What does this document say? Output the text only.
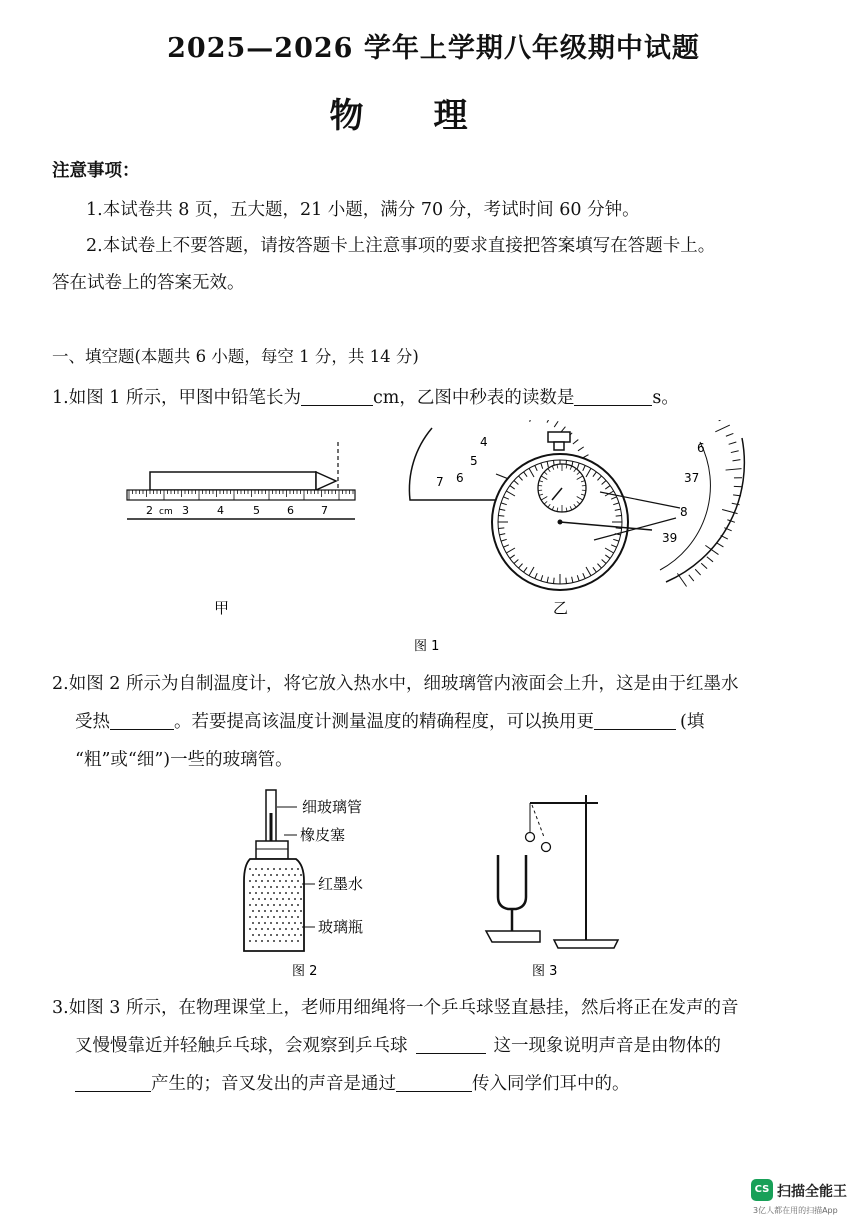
2025—2026 学年上学期八年级期中试题
物理
注意事项：
1.本试卷共 8 页，五大题，21 小题，满分 70 分，考试时间 60 分钟。
2.本试卷上不要答题，请按答题卡上注意事项的要求直接把答案填写在答题卡上。
答在试卷上的答案无效。
一、填空题(本题共 6 小题，每空 1 分，共 14 分)
1.如图 1 所示，甲图中铅笔长为	cm，乙图中秒表的读数是	s。
2 cm 3	4	5 6 7
4
5
6
7
6
37
8
39
甲	乙
图 1
2.如图 2 所示为自制温度计，将它放入热水中，细玻璃管内液面会上升，这是由于红墨水
受热	。若要提高该温度计测量温度的精确程度，可以换用更	(填
“粗”或“细”)一些的玻璃管。
细玻璃管
橡皮塞
红墨水
玻璃瓶
图 2	图 3
3.如图 3 所示，在物理课堂上，老师用细绳将一个乒乓球竖直悬挂，然后将正在发声的音
叉慢慢靠近并轻触乒乓球，会观察到乒乓球	这一现象说明声音是由物体的
产生的；音叉发出的声音是通过	传入同学们耳中的。
CS 扫描全能王
3亿人都在用的扫描App
